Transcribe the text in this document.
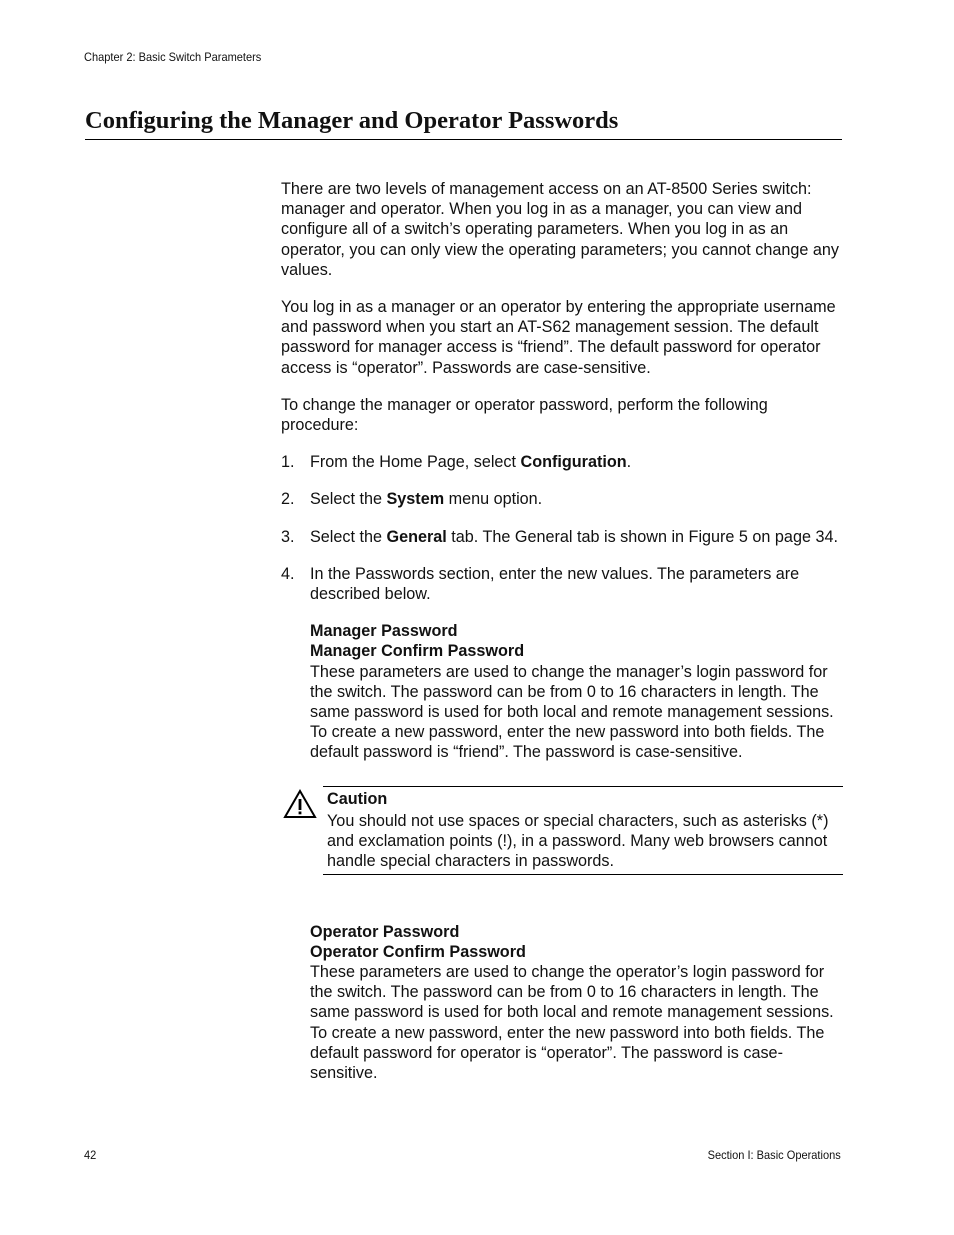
Chapter 2: Basic Switch Parameters
Configuring the Manager and Operator Passwords

There are two levels of management access on an AT-8500 Series switch: manager and operator. When you log in as a manager, you can view and configure all of a switch’s operating parameters. When you log in as an operator, you can only view the operating parameters; you cannot change any values.

You log in as a manager or an operator by entering the appropriate username and password when you start an AT-S62 management session. The default password for manager access is “friend”. The default password for operator access is “operator”. Passwords are case-sensitive.

To change the manager or operator password, perform the following procedure:

1. From the Home Page, select Configuration.
2. Select the System menu option.
3. Select the General tab. The General tab is shown in Figure 5 on page 34.
4. In the Passwords section, enter the new values. The parameters are described below.
Manager Password
Manager Confirm Password

These parameters are used to change the manager’s login password for the switch. The password can be from 0 to 16 characters in length. The same password is used for both local and remote management sessions. To create a new password, enter the new password into both fields. The default password is “friend”. The password is case-sensitive.

Caution

You should not use spaces or special characters, such as asterisks (*) and exclamation points (!), in a password. Many web browsers cannot handle special characters in passwords.

Operator Password
Operator Confirm Password

These parameters are used to change the operator’s login password for the switch. The password can be from 0 to 16 characters in length. The same password is used for both local and remote management sessions. To create a new password, enter the new password into both fields. The default password for operator is “operator”. The password is case-sensitive.

42	Section I: Basic Operations
